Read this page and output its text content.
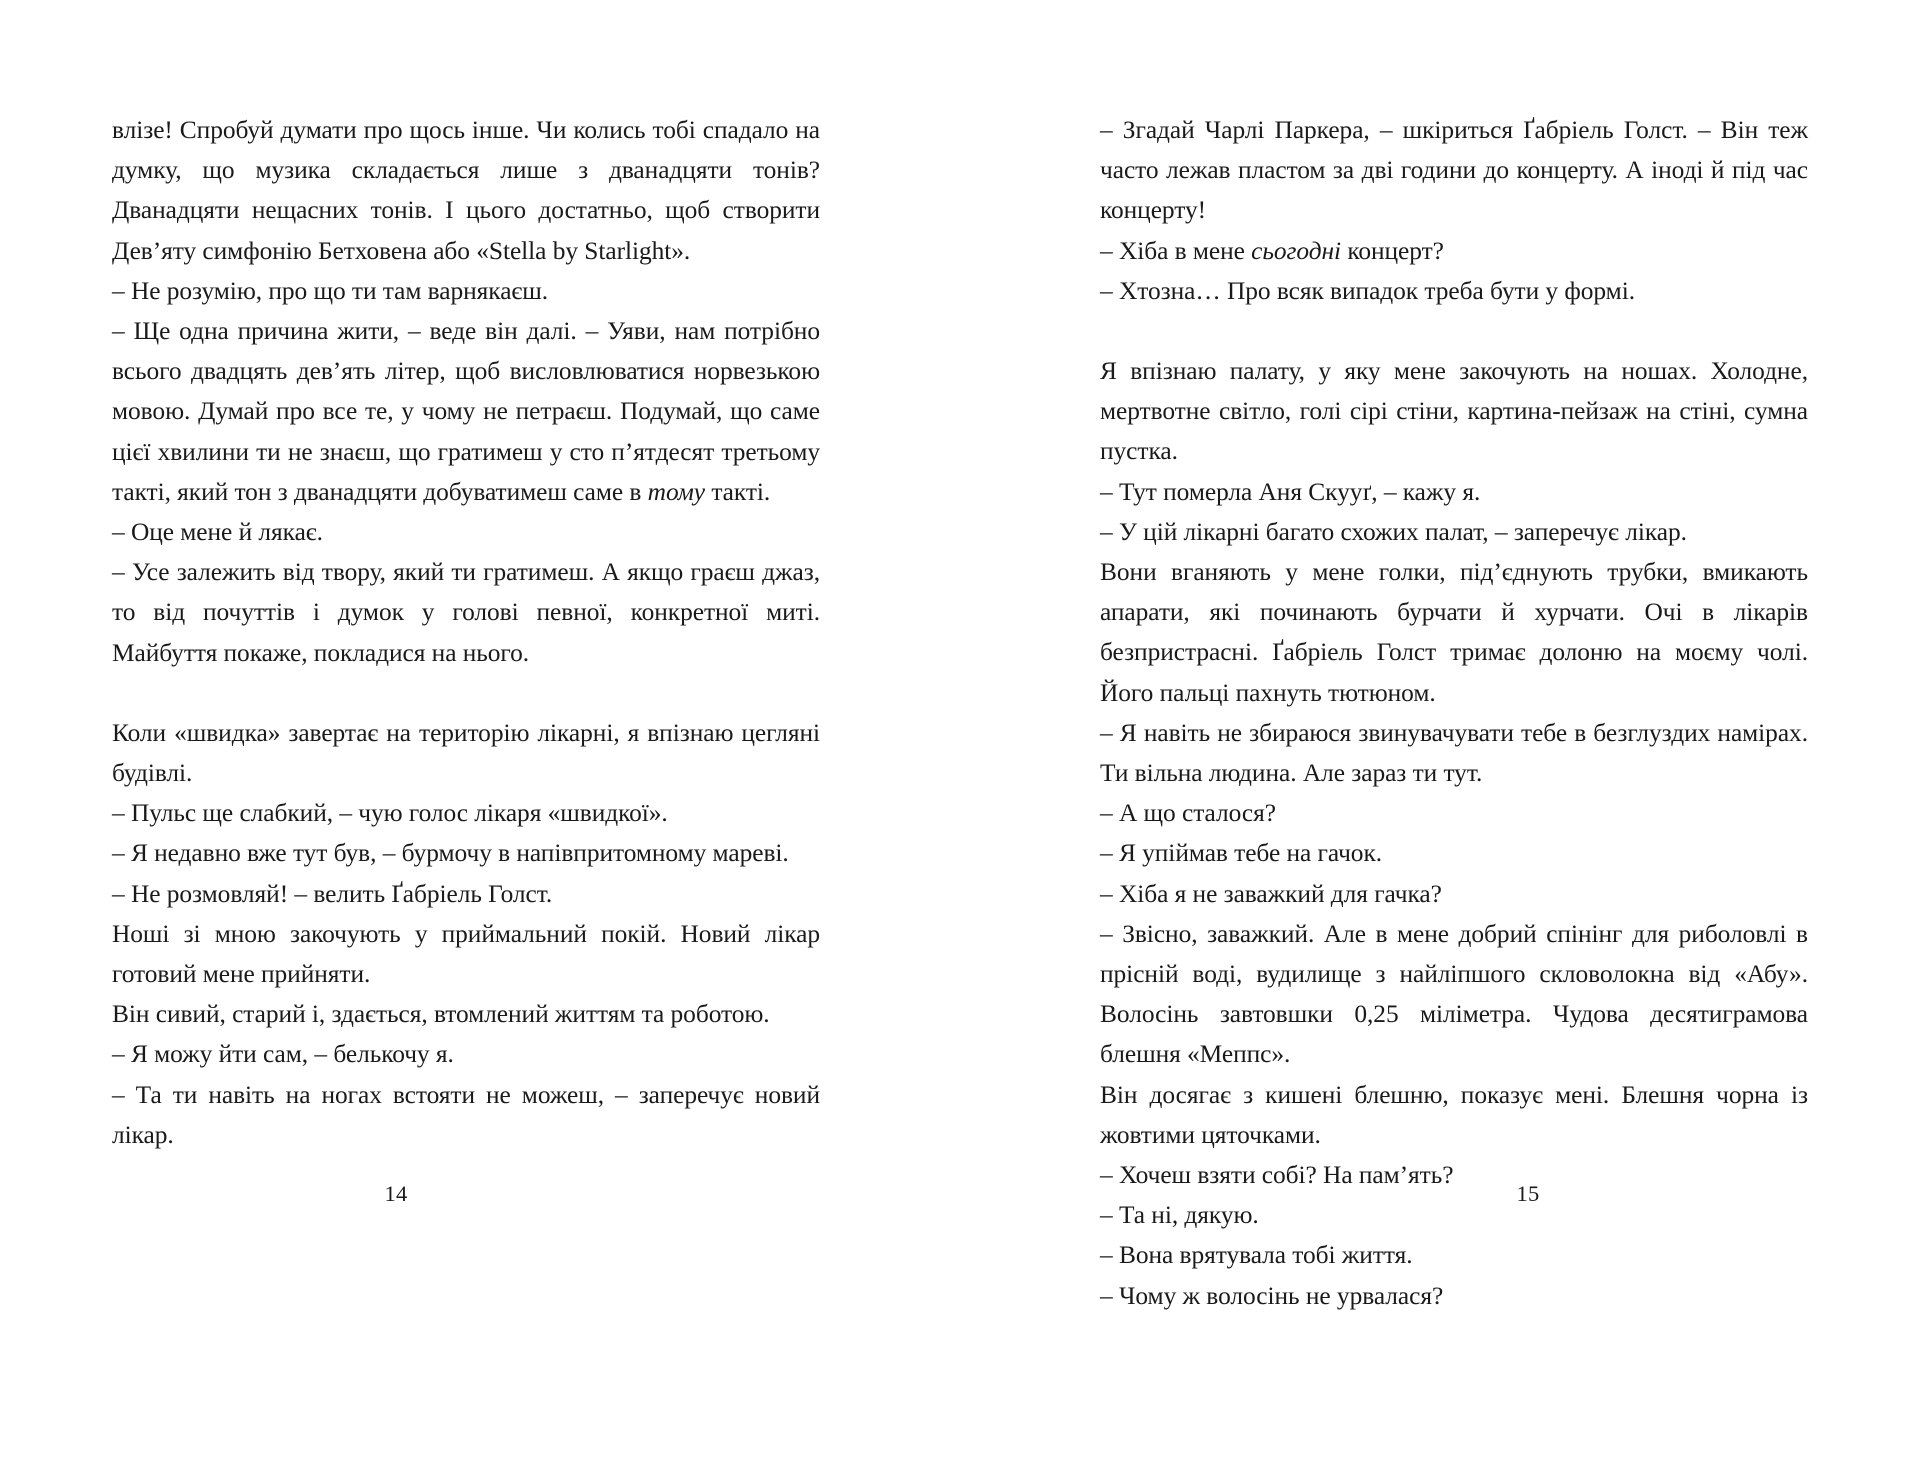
влізе! Спробуй думати про щось інше. Чи колись тобі спадало на думку, що музика складається лише з дванадцяти тонів? Дванадцяти нещасних тонів. І цього достатньо, щоб створити Дев’яту симфонію Бетховена або «Stella by Starlight».

– Не розумію, про що ти там варнякаєш.

– Ще одна причина жити, – веде він далі. – Уяви, нам потрібно всього двадцять дев’ять літер, щоб висловлюватися норвезькою мовою. Думай про все те, у чому не петраєш. Подумай, що саме цієї хвилини ти не знаєш, що гратимеш у сто п’ятдесят третьому такті, який тон з дванадцяти добуватимеш саме в тому такті.

– Оце мене й лякає.

– Усе залежить від твору, який ти гратимеш. А якщо граєш джаз, то від почуттів і думок у голові певної, конкретної миті. Майбуття покаже, покладися на нього.

Коли «швидка» завертає на територію лікарні, я впізнаю цегляні будівлі.

– Пульс ще слабкий, – чую голос лікаря «швидкої».

– Я недавно вже тут був, – бурмочу в напівпритомному мареві.

– Не розмовляй! – велить Ґабріель Голст.

Ноші зі мною закочують у приймальний покій. Новий лікар готовий мене прийняти.

Він сивий, старий і, здається, втомлений життям та роботою.

– Я можу йти сам, – белькочу я.

– Та ти навіть на ногах встояти не можеш, – заперечує новий лікар.

14

– Згадай Чарлі Паркера, – шкіриться Ґабріель Голст. – Він теж часто лежав пластом за дві години до концерту. А іноді й під час концерту!

– Хіба в мене сьогодні концерт?

– Хтозна… Про всяк випадок треба бути у формі.

Я впізнаю палату, у яку мене закочують на ношах. Холодне, мертвотне світло, голі сірі стіни, картина-пейзаж на стіні, сумна пустка.

– Тут померла Аня Скууґ, – кажу я.

– У цій лікарні багато схожих палат, – заперечує лікар.

Вони вганяють у мене голки, під’єднують трубки, вмикають апарати, які починають бурчати й хурчати. Очі в лікарів безпристрасні. Ґабріель Голст тримає долоню на моєму чолі. Його пальці пахнуть тютюном.

– Я навіть не збираюся звинувачувати тебе в безглуздих намірах. Ти вільна людина. Але зараз ти тут.

– А що сталося?

– Я упіймав тебе на гачок.

– Хіба я не заважкий для гачка?

– Звісно, заважкий. Але в мене добрий спінінг для риболовлі в прісній воді, вудилище з найліпшого скловолокна від «Абу». Волосінь завтовшки 0,25 міліметра. Чудова десятиграмова блешня «Меппс».

Він досягає з кишені блешню, показує мені. Блешня чорна із жовтими цяточками.

– Хочеш взяти собі? На пам’ять?

– Та ні, дякую.

– Вона врятувала тобі життя.

– Чому ж волосінь не урвалася?

15
